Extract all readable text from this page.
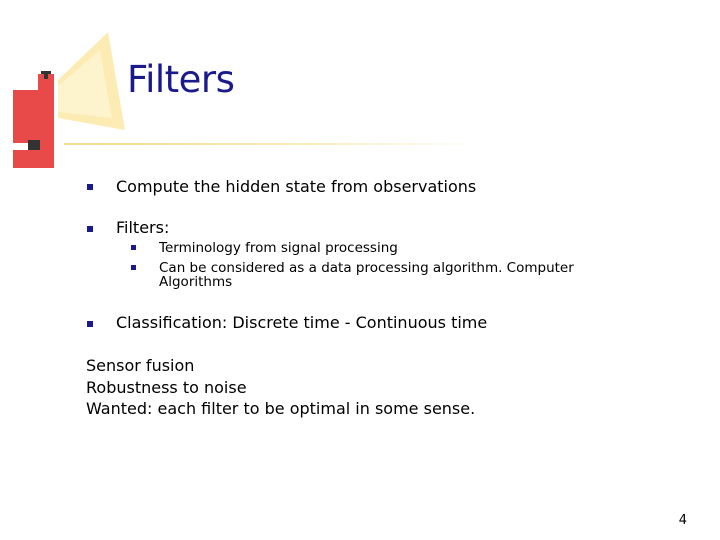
Filters
Compute the hidden state from observations
Filters:
Terminology from signal processing
Can be considered as a data processing algorithm. Computer Algorithms
Classification: Discrete time - Continuous time
Sensor fusion
Robustness to noise
Wanted: each filter to be optimal in some sense.
4
